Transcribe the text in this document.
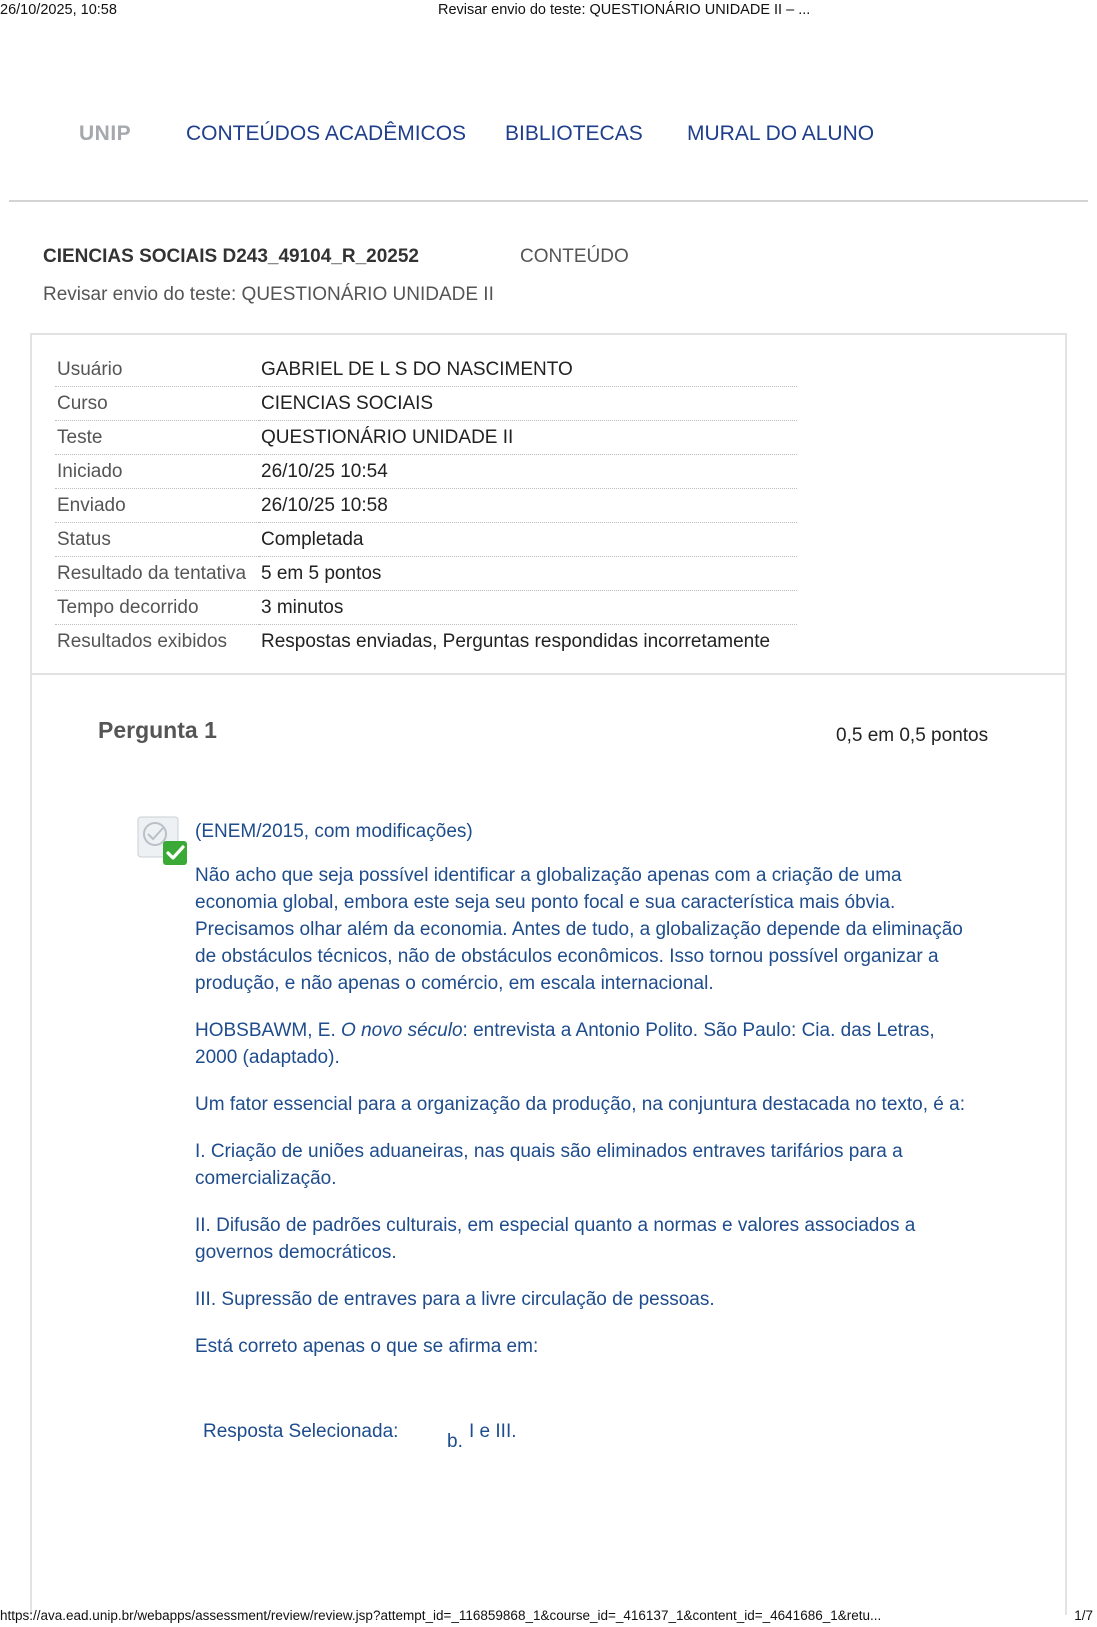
26/10/2025, 10:58	Revisar envio do teste: QUESTIONÁRIO UNIDADE II – ...
UNIP	CONTEÚDOS ACADÊMICOS BIBLIOTECAS MURAL DO ALUNO
CIENCIAS SOCIAIS D243_49104_R_20252	CONTEÚDO
Revisar envio do teste: QUESTIONÁRIO UNIDADE II
Usuário	GABRIEL DE L S DO NASCIMENTO
Curso	CIENCIAS SOCIAIS
Teste	QUESTIONÁRIO UNIDADE II
Iniciado	26/10/25 10:54
Enviado	26/10/25 10:58
Status	Completada
Resultado da tentativa	5 em 5 pontos
Tempo decorrido	3 minutos
Resultados exibidos	Respostas enviadas, Perguntas respondidas incorretamente
Pergunta 1	0,5 em 0,5 pontos

(ENEM/2015, com modificações)

Não acho que seja possível identificar a globalização apenas com a criação de uma economia global, embora este seja seu ponto focal e sua característica mais óbvia. Precisamos olhar além da economia. Antes de tudo, a globalização depende da eliminação de obstáculos técnicos, não de obstáculos econômicos. Isso tornou possível organizar a produção, e não apenas o comércio, em escala internacional.

HOBSBAWM, E. O novo século: entrevista a Antonio Polito. São Paulo: Cia. das Letras, 2000 (adaptado).

Um fator essencial para a organização da produção, na conjuntura destacada no texto, é a:

I. Criação de uniões aduaneiras, nas quais são eliminados entraves tarifários para a comercialização.

II. Difusão de padrões culturais, em especial quanto a normas e valores associados a governos democráticos.

III. Supressão de entraves para a livre circulação de pessoas.

Está correto apenas o que se afirma em:

Resposta Selecionada:	b. I e III.
https://ava.ead.unip.br/webapps/assessment/review/review.jsp?attempt_id=_116859868_1&course_id=_416137_1&content_id=_4641686_1&retu...	1/7
